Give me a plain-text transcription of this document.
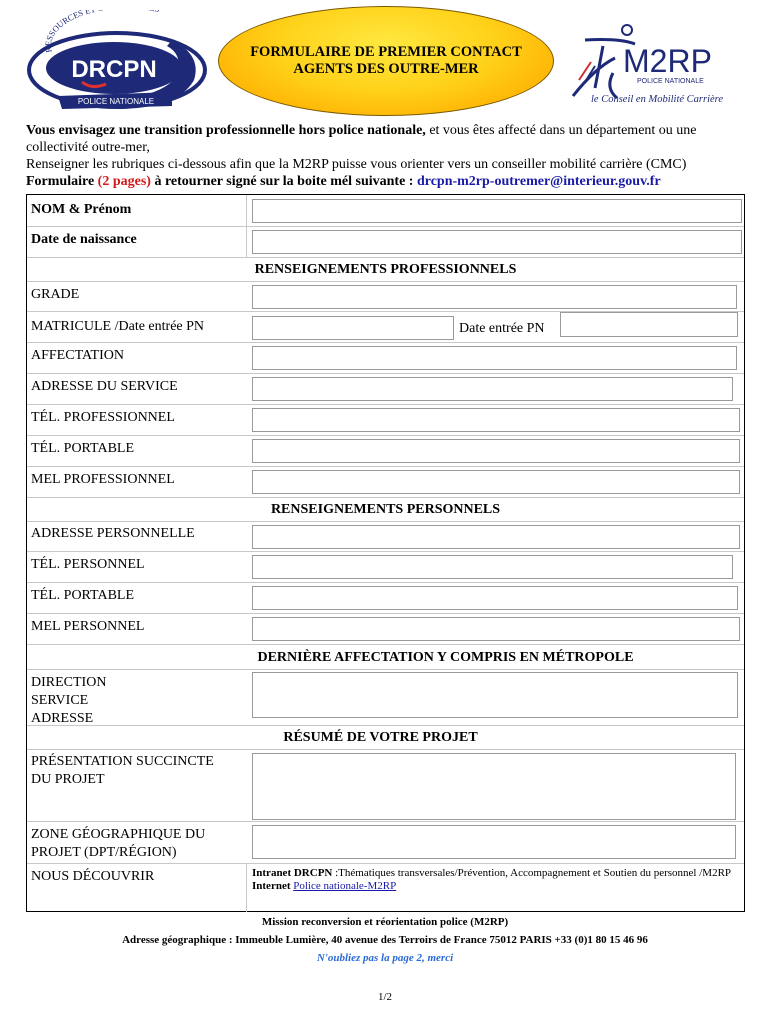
RESSOURCES E
DRCPN
POLICE NATIONALE
FORMULAIRE DE PREMIER CONTACT
AGENTS DES OUTRE-MER	M2RP
POLICE NATIONALE
le Conseil en Mobilité Carrière
Vous envisagez une transition professionnelle hors police nationale, et vous êtes affecté dans un département ou une collectivité outre-mer,
Renseigner les rubriques ci-dessous afin que la M2RP puisse vous orienter vers un conseiller mobilité carrière (CMC)
Formulaire (2 pages) à retourner signé sur la boite mél suivante : drcpn-m2rp-outremer@interieur.gouv.fr
NOM & Prénom
Date de naissance
RENSEIGNEMENTS PROFESSIONNELS
GRADE
MATRICULE /Date entrée PN	Date entrée PN
AFFECTATION
ADRESSE DU SERVICE
TÉL. PROFESSIONNEL
TÉL. PORTABLE
MEL PROFESSIONNEL
RENSEIGNEMENTS PERSONNELS
ADRESSE PERSONNELLE
TÉL. PERSONNEL
TÉL. PORTABLE
MEL PERSONNEL
DERNIÈRE AFFECTATION Y COMPRIS EN MÉTROPOLE
DIRECTION
SERVICE
ADRESSE
RÉSUMÉ DE VOTRE PROJET
PRÉSENTATION SUCCINCTE
DU PROJET
ZONE GÉOGRAPHIQUE DU
PROJET (DPT/RÉGION)
NOUS DÉCOUVRIR	Intranet DRCPN :Thématiques transversales/Prévention, Accompagnement et Soutien du personnel /M2RP
Internet Police nationale-M2RP
Mission reconversion et réorientation police (M2RP)
Adresse géographique : Immeuble Lumière, 40 avenue des Terroirs de France 75012 PARIS +33 (0)1 80 15 46 96
N'oubliez pas la page 2, merci
1/2
